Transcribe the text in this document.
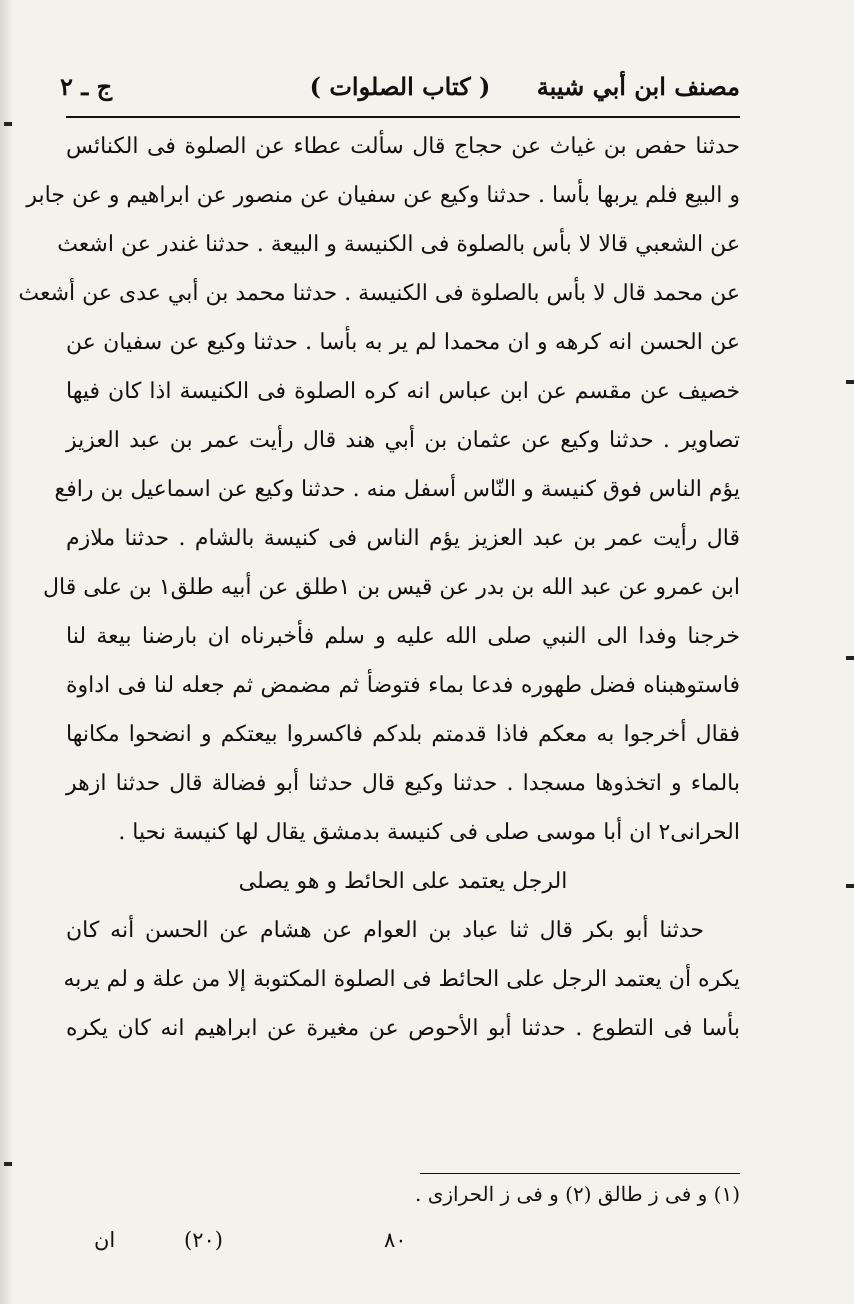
مصنف ابن أبي شيبة
( كتاب الصلوات )
ج ـ ٢
حدثنا حفص بن غياث عن حجاج قال سألت عطاء عن الصلوة فى الكنائس
و البيع فلم يربها بأسا . حدثنا وكيع عن سفيان عن منصور عن ابراهيم و عن جابر
عن الشعبي قالا لا بأس بالصلوة فى الكنيسة و البيعة . حدثنا غندر عن اشعث
عن محمد قال لا بأس بالصلوة فى الكنيسة . حدثنا محمد بن أبي عدى عن أشعث
عن الحسن انه كرهه و ان محمدا لم ير به بأسا . حدثنا وكيع عن سفيان عن
خصيف عن مقسم عن ابن عباس انه كره الصلوة فى الكنيسة اذا كان فيها
تصاوير . حدثنا وكيع عن عثمان بن أبي هند قال رأيت عمر بن عبد العزيز
يؤم الناس فوق كنيسة و النّاس أسفل منه . حدثنا وكيع عن اسماعيل بن رافع
قال رأيت عمر بن عبد العزيز يؤم الناس فى كنيسة بالشام . حدثنا ملازم
ابن عمرو عن عبد الله بن بدر عن قيس بن ١طلق عن أبيه طلق١ بن على قال
خرجنا وفدا الى النبي صلى الله عليه و سلم فأخبرناه ان بارضنا بيعة لنا
فاستوهبناه فضل طهوره فدعا بماء فتوضأ ثم مضمض ثم جعله لنا فى اداوة
فقال أخرجوا به معكم فاذا قدمتم بلدكم فاكسروا بيعتكم و انضحوا مكانها
بالماء و اتخذوها مسجدا . حدثنا وكيع قال حدثنا أبو فضالة قال حدثنا ازهر
الحرانى٢ ان أبا موسى صلى فى كنيسة بدمشق يقال لها كنيسة نحيا .
الرجل يعتمد على الحائط و هو يصلى
حدثنا أبو بكر قال ثنا عباد بن العوام عن هشام عن الحسن أنه كان
يكره أن يعتمد الرجل على الحائط فى الصلوة المكتوبة إلا من علة و لم يربه
بأسا فى التطوع . حدثنا أبو الأحوص عن مغيرة عن ابراهيم انه كان يكره
(١) و فى ز طالق (٢) و فى ز الحرازى .
٨٠
(٢٠)
ان
